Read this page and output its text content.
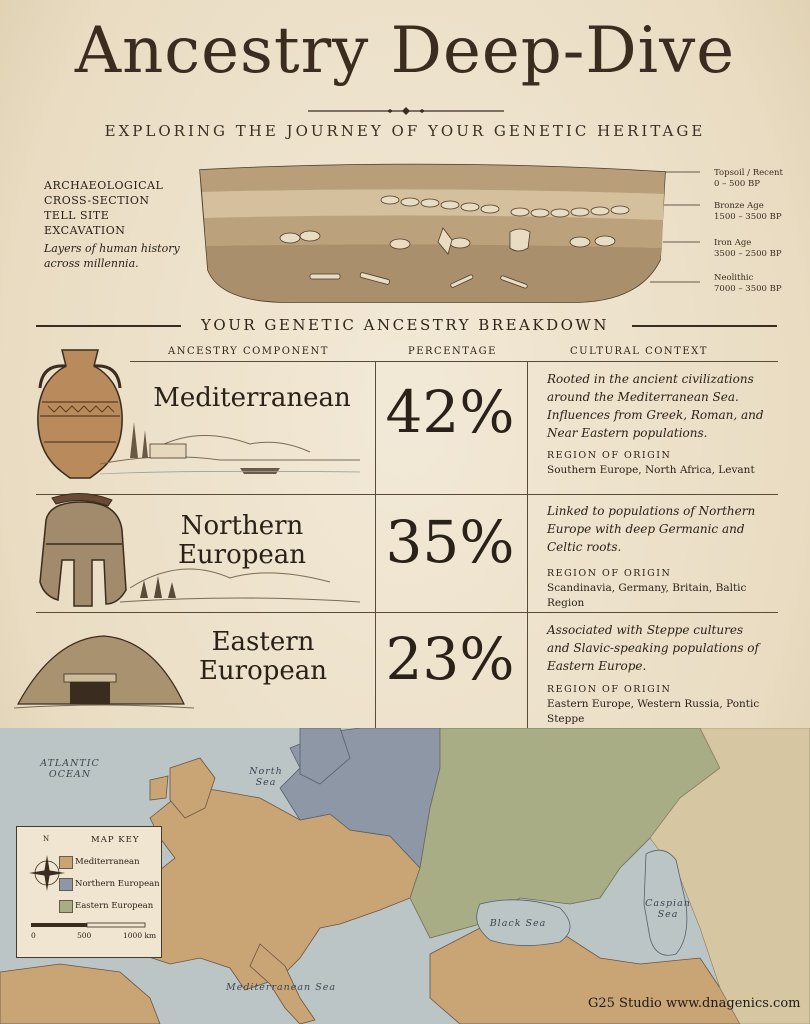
Ancestry Deep-Dive
EXPLORING THE JOURNEY OF YOUR GENETIC HERITAGE
ARCHAEOLOGICAL
CROSS-SECTION
TELL SITE EXCAVATION
Layers of human history across millennia.
Topsoil / Recent
0 – 500 BP
Bronze Age
1500 – 3500 BP
Iron Age
3500 – 2500 BP
Neolithic
7000 – 3500 BP
YOUR GENETIC ANCESTRY BREAKDOWN
ANCESTRY COMPONENT	PERCENTAGE	CULTURAL CONTEXT
Mediterranean 42%	Rooted in the ancient civilizations around the Mediterranean Sea. Influences from Greek, Roman, and Near Eastern populations.
REGION OF ORIGIN
Southern Europe, North Africa, Levant
Northern
European	35%	Linked to populations of Northern Europe with deep Germanic and Celtic roots.
REGION OF ORIGIN
Scandinavia, Germany, Britain, Baltic Region
Eastern
European 23%	Associated with Steppe cultures and Slavic-speaking populations of Eastern Europe.
REGION OF ORIGIN
Eastern Europe, Western Russia, Pontic Steppe
ATLANTIC
OCEAN	North
Sea
Black Sea
Caspian
Sea
Mediterranean Sea
N	MAP KEY
Mediterranean
Northern European
Eastern European
0	500	1000 km
G25 Studio www.dnagenics.com
